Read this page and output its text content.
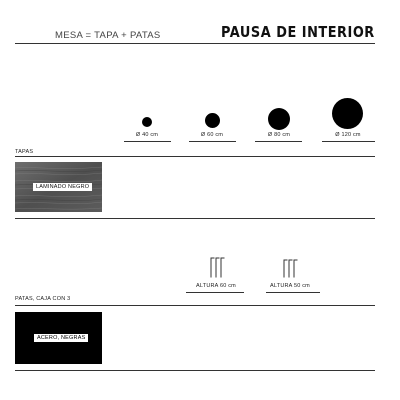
MESA = TAPA + PATAS	PAUSA DE INTERIOR
Ø 40 cm	Ø 60 cm	Ø 80 cm	Ø 120 cm
TAPAS
LAMINADO NEGRO
ALTURA 60 cm	ALTURA 50 cm
PATAS, CAJA CON 3
ACERO, NEGRAS
